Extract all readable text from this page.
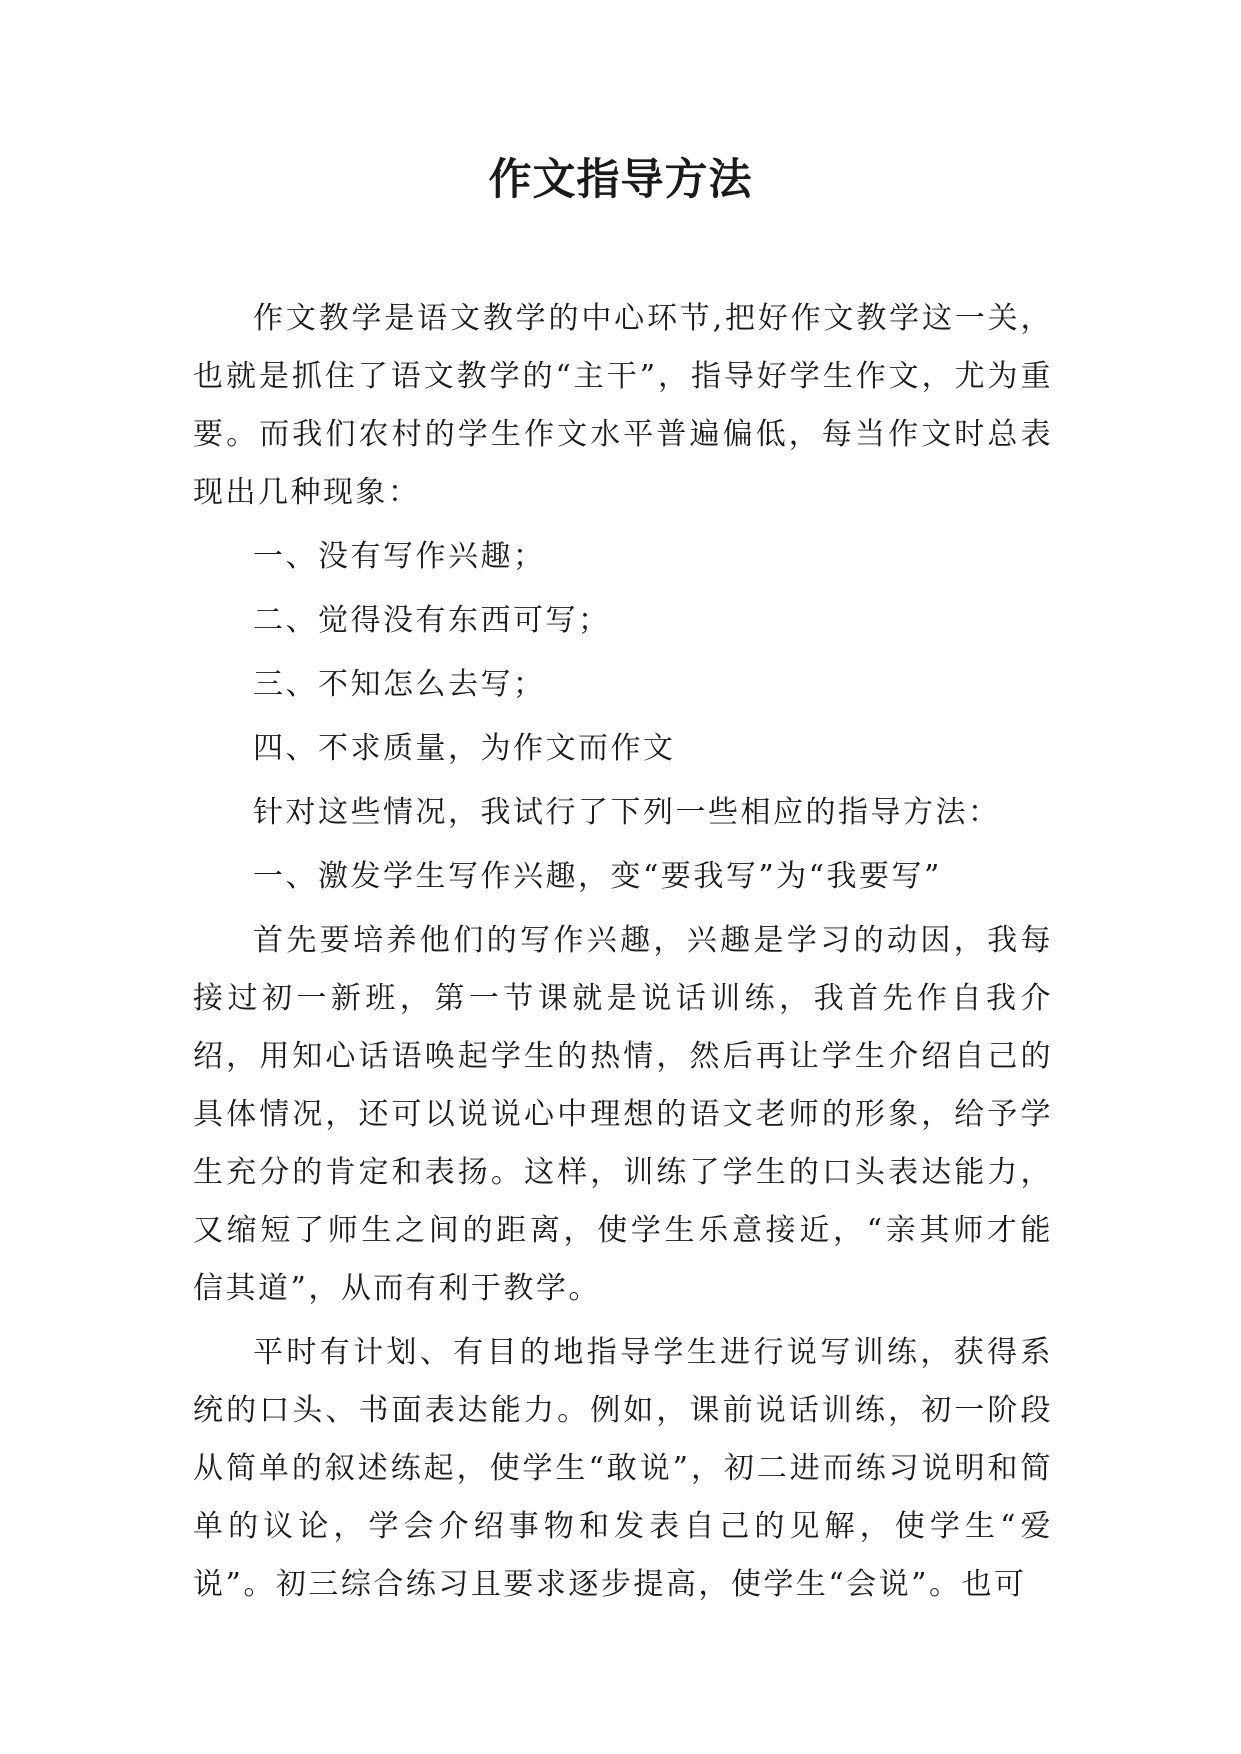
作文指导方法

作文教学是语文教学的中心环节,把好作文教学这一关，也就是抓住了语文教学的“主干”，指导好学生作文，尤为重要。而我们农村的学生作文水平普遍偏低，每当作文时总表现出几种现象：

一、没有写作兴趣；

二、觉得没有东西可写；

三、不知怎么去写；

四、不求质量，为作文而作文

针对这些情况，我试行了下列一些相应的指导方法：

一、激发学生写作兴趣，变“要我写”为“我要写”

首先要培养他们的写作兴趣，兴趣是学习的动因，我每接过初一新班，第一节课就是说话训练，我首先作自我介绍，用知心话语唤起学生的热情，然后再让学生介绍自己的具体情况，还可以说说心中理想的语文老师的形象，给予学生充分的肯定和表扬。这样，训练了学生的口头表达能力，又缩短了师生之间的距离，使学生乐意接近，“亲其师才能信其道”，从而有利于教学。

平时有计划、有目的地指导学生进行说写训练，获得系统的口头、书面表达能力。例如，课前说话训练，初一阶段从简单的叙述练起，使学生“敢说”，初二进而练习说明和简单的议论，学会介绍事物和发表自己的见解，使学生“爱说”。初三综合练习且要求逐步提高，使学生“会说”。也可
